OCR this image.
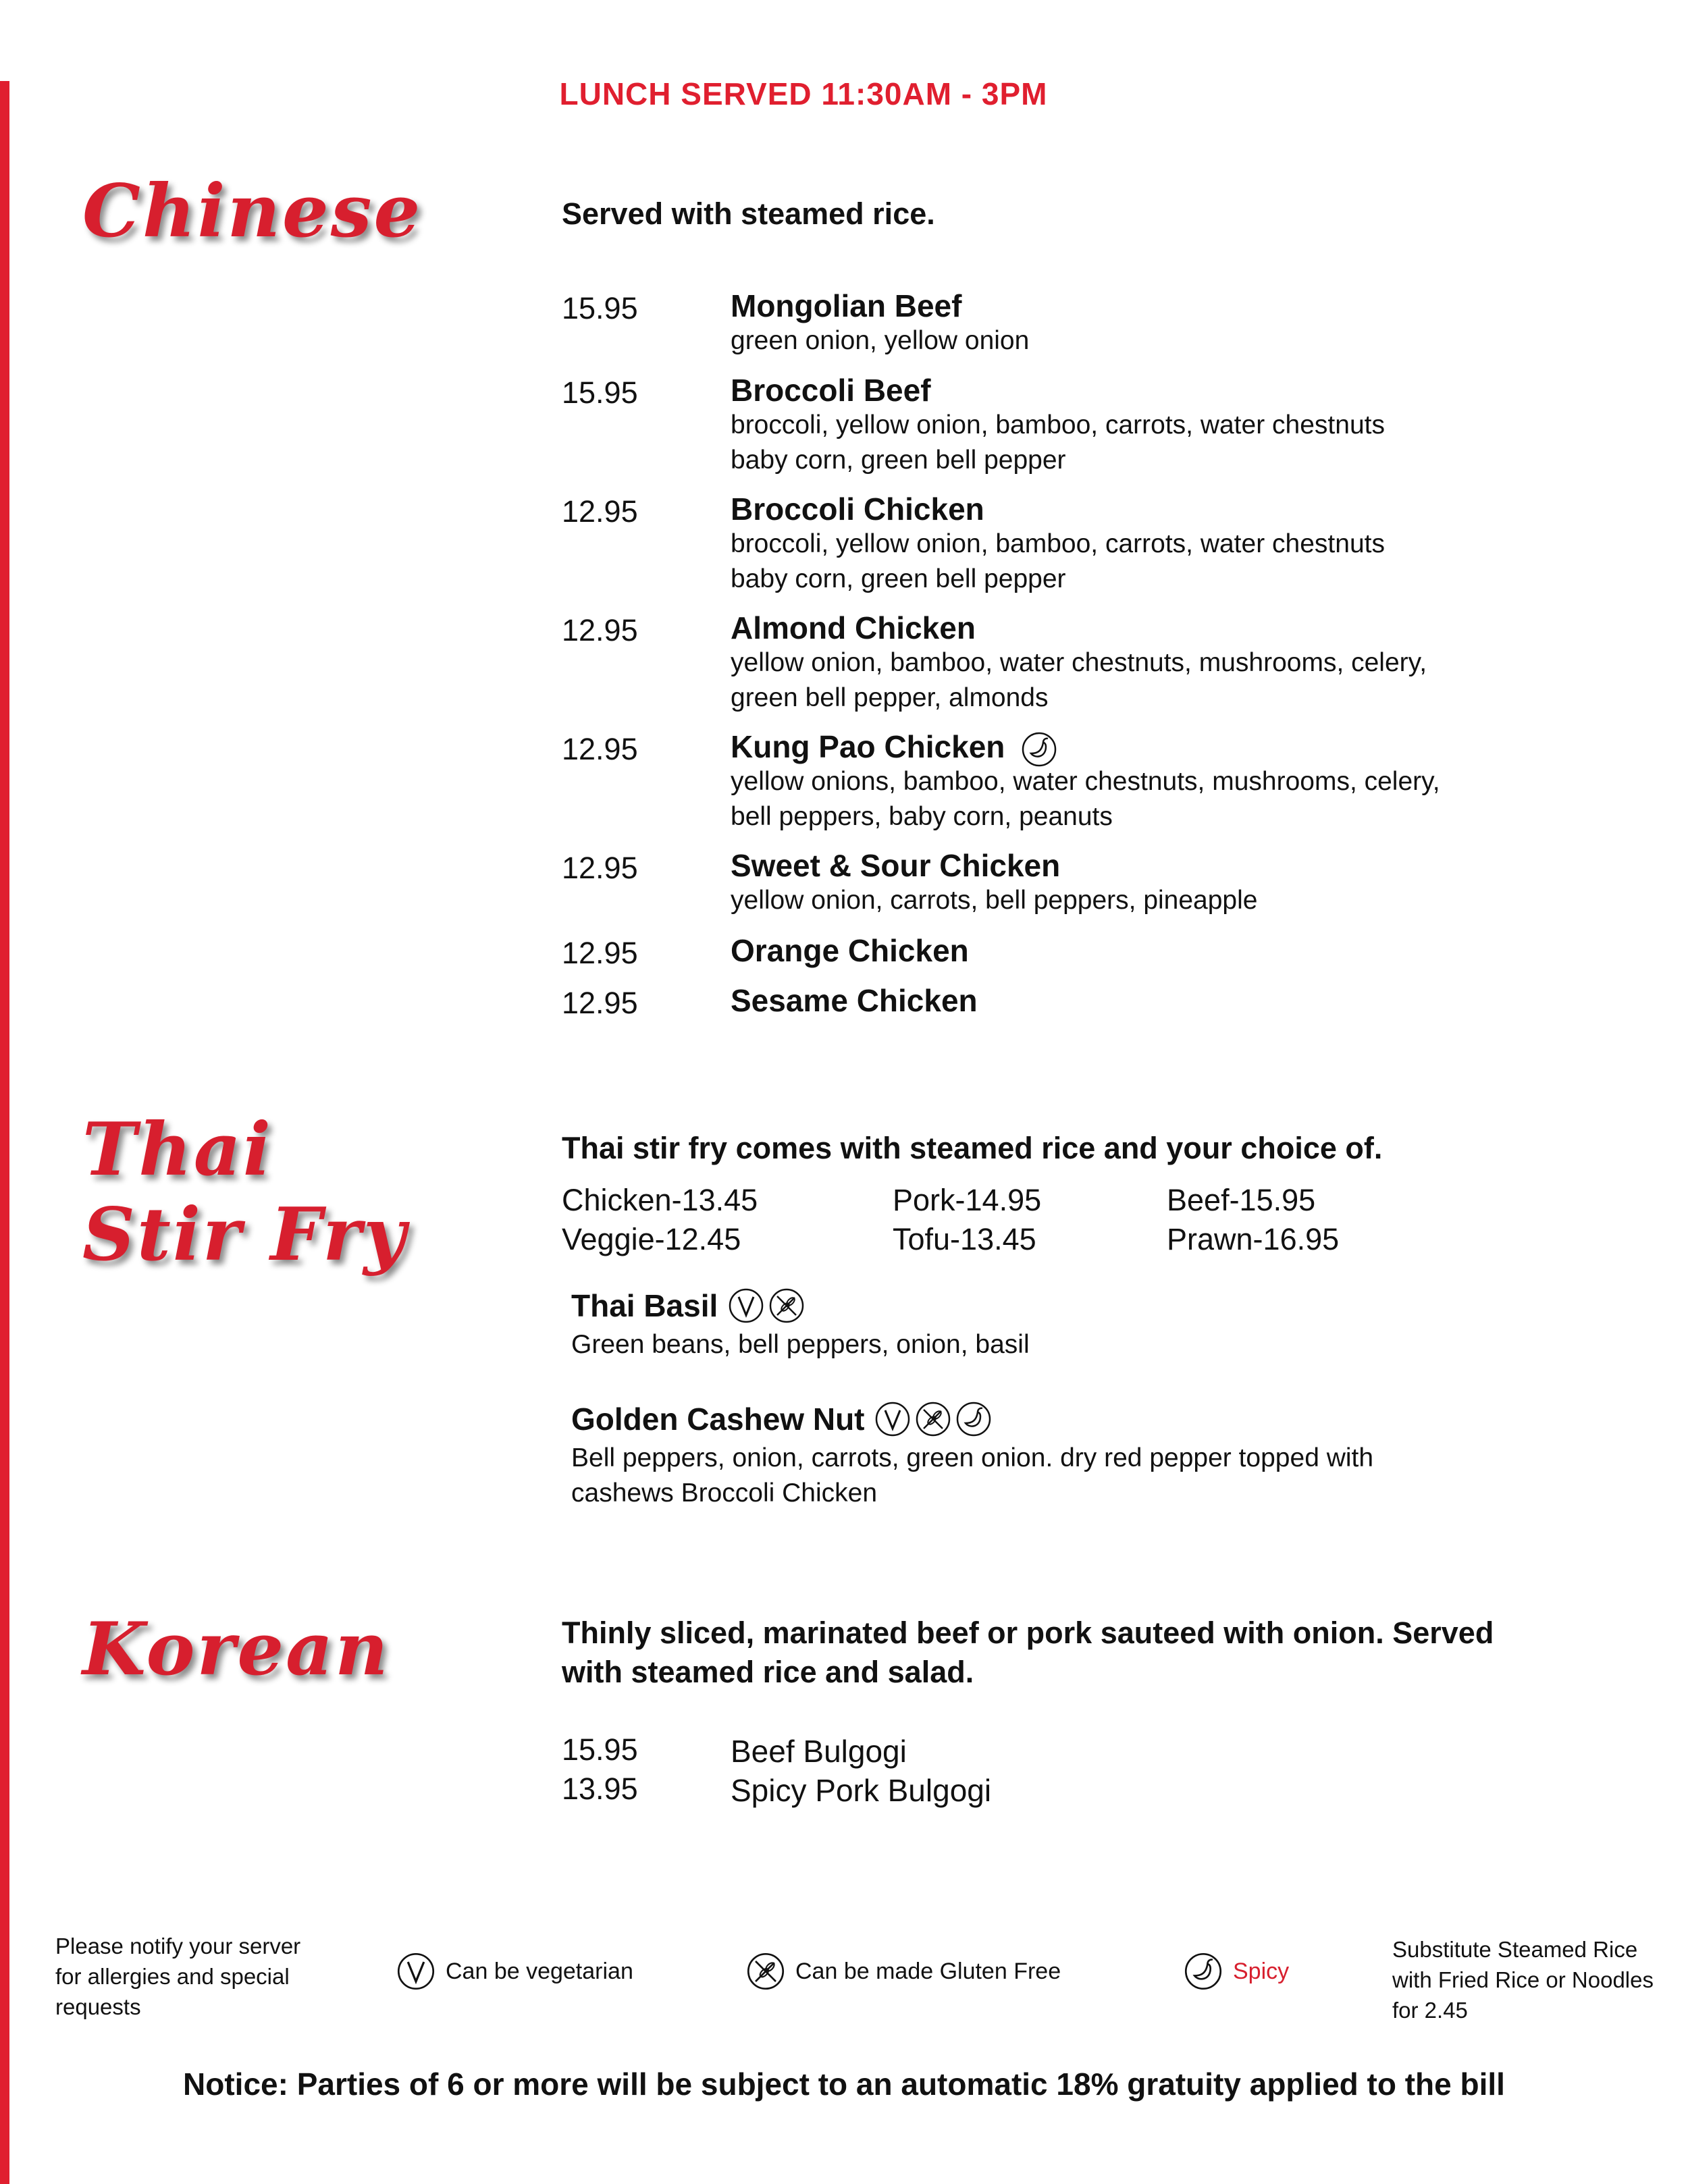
LUNCH SERVED 11:30AM - 3PM
Chinese	Served with steamed rice.
15.95	Mongolian Beef
green onion, yellow onion
15.95	Broccoli Beef
broccoli, yellow onion, bamboo, carrots, water chestnuts baby corn, green bell pepper
12.95	Broccoli Chicken
broccoli, yellow onion, bamboo, carrots, water chestnuts baby corn, green bell pepper
12.95	Almond Chicken
yellow onion, bamboo, water chestnuts, mushrooms, celery, green bell pepper, almonds
12.95	Kung Pao Chicken
yellow onions, bamboo, water chestnuts, mushrooms, celery, bell peppers, baby corn, peanuts
12.95	Sweet & Sour Chicken
yellow onion, carrots, bell peppers, pineapple
12.95	Orange Chicken
12.95	Sesame Chicken
Thai
Stir Fry
Thai stir fry comes with steamed rice and your choice of.
Chicken-13.45	Pork-14.95	Beef-15.95
Veggie-12.45	Tofu-13.45	Prawn-16.95
Thai Basil
Green beans, bell peppers, onion, basil
Golden Cashew Nut
Bell peppers, onion, carrots, green onion. dry red pepper topped with cashews Broccoli Chicken
Korean	Thinly sliced, marinated beef or pork sauteed with onion. Served with steamed rice and salad.
15.95	Beef Bulgogi
13.95	Spicy Pork Bulgogi
Please notify your server for allergies and special requests
Can be vegetarian	Can be made Gluten Free	Spicy
Substitute Steamed Rice with Fried Rice or Noodles for 2.45
Notice: Parties of 6 or more will be subject to an automatic 18% gratuity applied to the bill
